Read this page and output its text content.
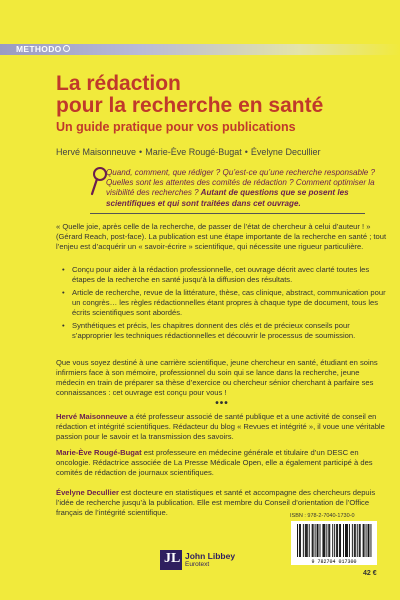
METHODO
La rédaction
pour la recherche en santé
Un guide pratique pour vos publications
Hervé Maisonneuve • Marie-Ève Rougé-Bugat • Évelyne Decullier
Quand, comment, que rédiger ? Qu’est-ce qu’une recherche responsable ? Quelles sont les attentes des comités de rédaction ? Comment optimiser la visibilité des recherches ? Autant de questions que se posent les scientifiques et qui sont traitées dans cet ouvrage.
« Quelle joie, après celle de la recherche, de passer de l’état de chercheur à celui d’auteur ! » (Gérard Reach, post-face). La publication est une étape importante de la recherche en santé ; tout l’enjeu est d’acquérir un « savoir-écrire » scientifique, qui nécessite une rigueur particulière.
• Conçu pour aider à la rédaction professionnelle, cet ouvrage décrit avec clarté toutes les étapes de la recherche en santé jusqu’à la diffusion des résultats.
• Article de recherche, revue de la littérature, thèse, cas clinique, abstract, communication pour un congrès… les règles rédactionnelles étant propres à chaque type de document, tous les écrits scientifiques sont abordés.
• Synthétiques et précis, les chapitres donnent des clés et de précieux conseils pour s’approprier les techniques rédactionnelles et découvrir le processus de soumission.
Que vous soyez destiné à une carrière scientifique, jeune chercheur en santé, étudiant en soins infirmiers face à son mémoire, professionnel du soin qui se lance dans la recherche, jeune médecin en train de préparer sa thèse d’exercice ou chercheur sénior cherchant à parfaire ses connaissances : cet ouvrage est conçu pour vous !
•••
Hervé Maisonneuve a été professeur associé de santé publique et a une activité de conseil en rédaction et intégrité scientifiques. Rédacteur du blog « Revues et intégrité », il voue une véritable passion pour le savoir et la transmission des savoirs.
Marie-Ève Rougé-Bugat est professeure en médecine générale et titulaire d’un DESC en oncologie. Rédactrice associée de La Presse Médicale Open, elle a également participé à des comités de rédaction de journaux scientifiques.
Évelyne Decullier est docteure en statistiques et santé et accompagne des chercheurs depuis l’idée de recherche jusqu’à la publication. Elle est membre du Conseil d’orientation de l’Office français de l’intégrité scientifique.
JL John Libbey
Eurotext
ISBN : 978-2-7040-1730-0
9 782704 017300
42 €
